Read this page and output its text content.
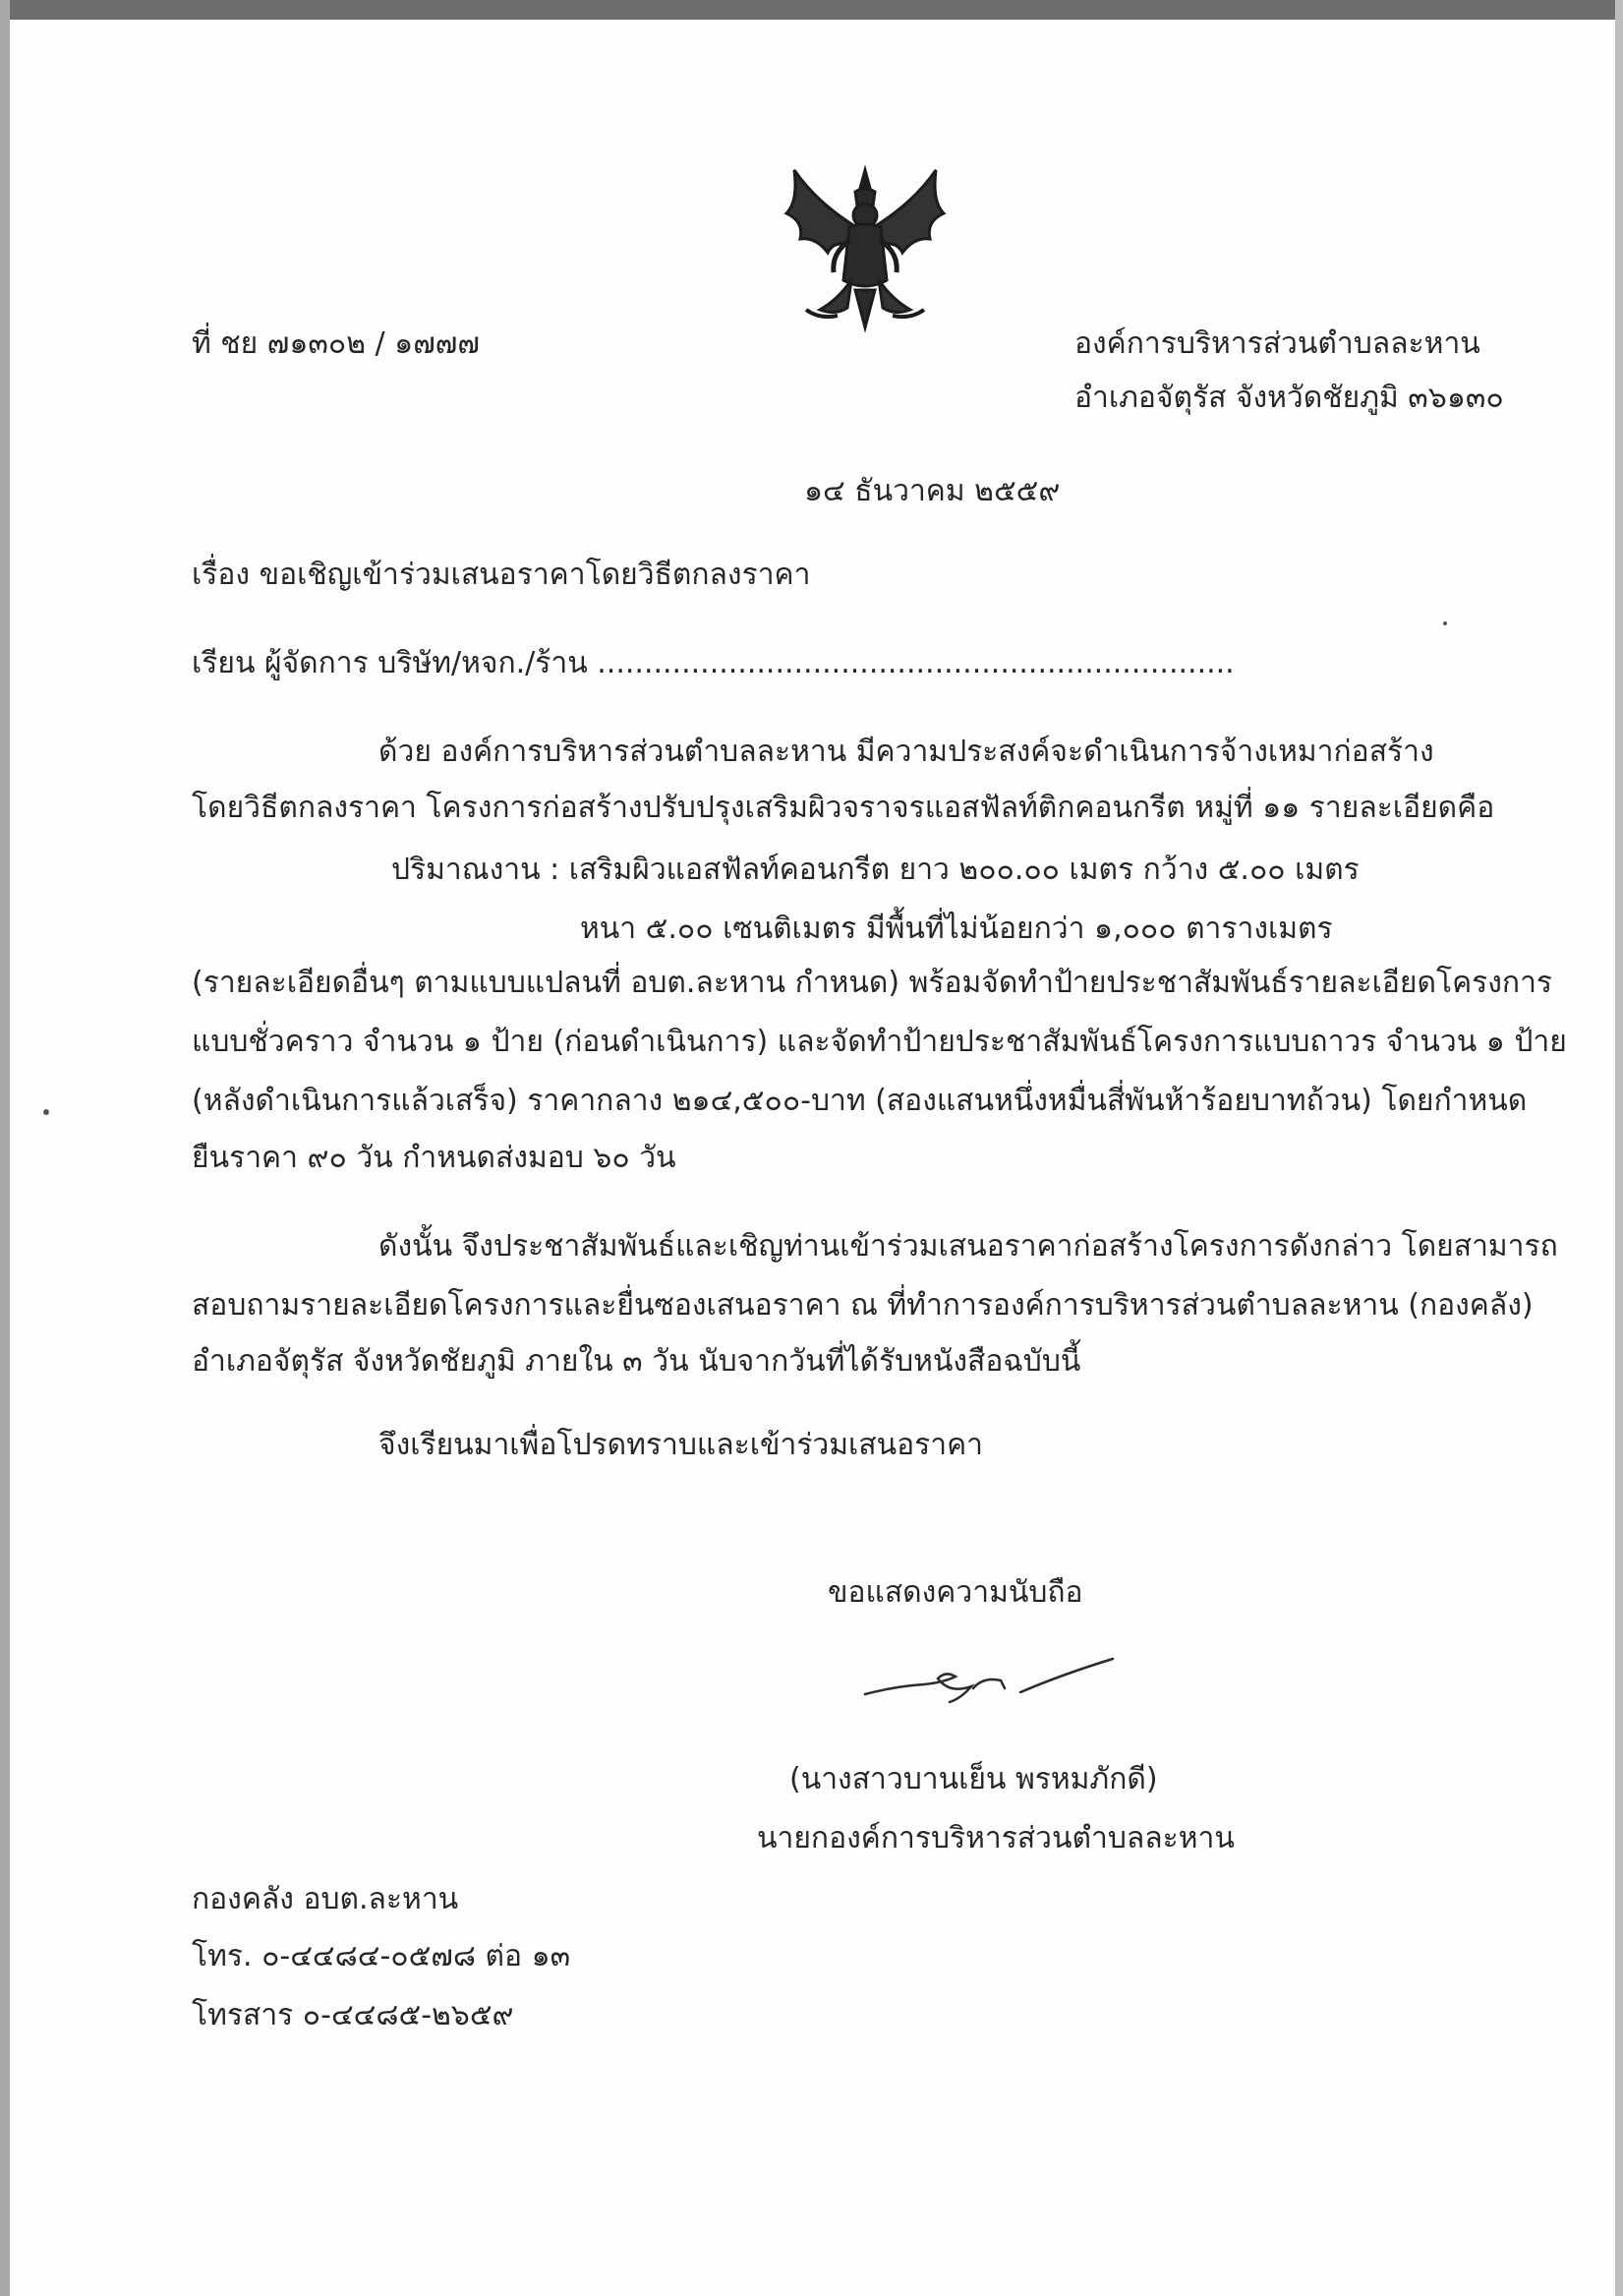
ที่ ชย ๗๑๓๐๒ / ๑๗๗๗	องค์การบริหารส่วนตำบลละหาน
อำเภอจัตุรัส จังหวัดชัยภูมิ ๓๖๑๓๐
๑๔ ธันวาคม ๒๕๕๙
เรื่อง ขอเชิญเข้าร่วมเสนอราคาโดยวิธีตกลงราคา
เรียน ผู้จัดการ บริษัท/หจก./ร้าน ....................................................................
ด้วย องค์การบริหารส่วนตำบลละหาน มีความประสงค์จะดำเนินการจ้างเหมาก่อสร้าง
โดยวิธีตกลงราคา โครงการก่อสร้างปรับปรุงเสริมผิวจราจรแอสฟัลท์ติกคอนกรีต หมู่ที่ ๑๑ รายละเอียดคือ
ปริมาณงาน : เสริมผิวแอสฟัลท์คอนกรีต ยาว ๒๐๐.๐๐ เมตร กว้าง ๕.๐๐ เมตร
หนา ๕.๐๐ เซนติเมตร มีพื้นที่ไม่น้อยกว่า ๑,๐๐๐ ตารางเมตร
(รายละเอียดอื่นๆ ตามแบบแปลนที่ อบต.ละหาน กำหนด) พร้อมจัดทำป้ายประชาสัมพันธ์รายละเอียดโครงการ
แบบชั่วคราว จำนวน ๑ ป้าย (ก่อนดำเนินการ) และจัดทำป้ายประชาสัมพันธ์โครงการแบบถาวร จำนวน ๑ ป้าย
(หลังดำเนินการแล้วเสร็จ) ราคากลาง ๒๑๔,๕๐๐-บาท (สองแสนหนึ่งหมื่นสี่พันห้าร้อยบาทถ้วน) โดยกำหนด
ยืนราคา ๙๐ วัน กำหนดส่งมอบ ๖๐ วัน
ดังนั้น จึงประชาสัมพันธ์และเชิญท่านเข้าร่วมเสนอราคาก่อสร้างโครงการดังกล่าว โดยสามารถ
สอบถามรายละเอียดโครงการและยื่นซองเสนอราคา ณ ที่ทำการองค์การบริหารส่วนตำบลละหาน (กองคลัง)
อำเภอจัตุรัส จังหวัดชัยภูมิ ภายใน ๓ วัน นับจากวันที่ได้รับหนังสือฉบับนี้
จึงเรียนมาเพื่อโปรดทราบและเข้าร่วมเสนอราคา
ขอแสดงความนับถือ
(นางสาวบานเย็น พรหมภักดี)
นายกองค์การบริหารส่วนตำบลละหาน
กองคลัง อบต.ละหาน
โทร. ๐-๔๔๘๔-๐๕๗๘ ต่อ ๑๓
โทรสาร ๐-๔๔๘๕-๒๖๕๙
